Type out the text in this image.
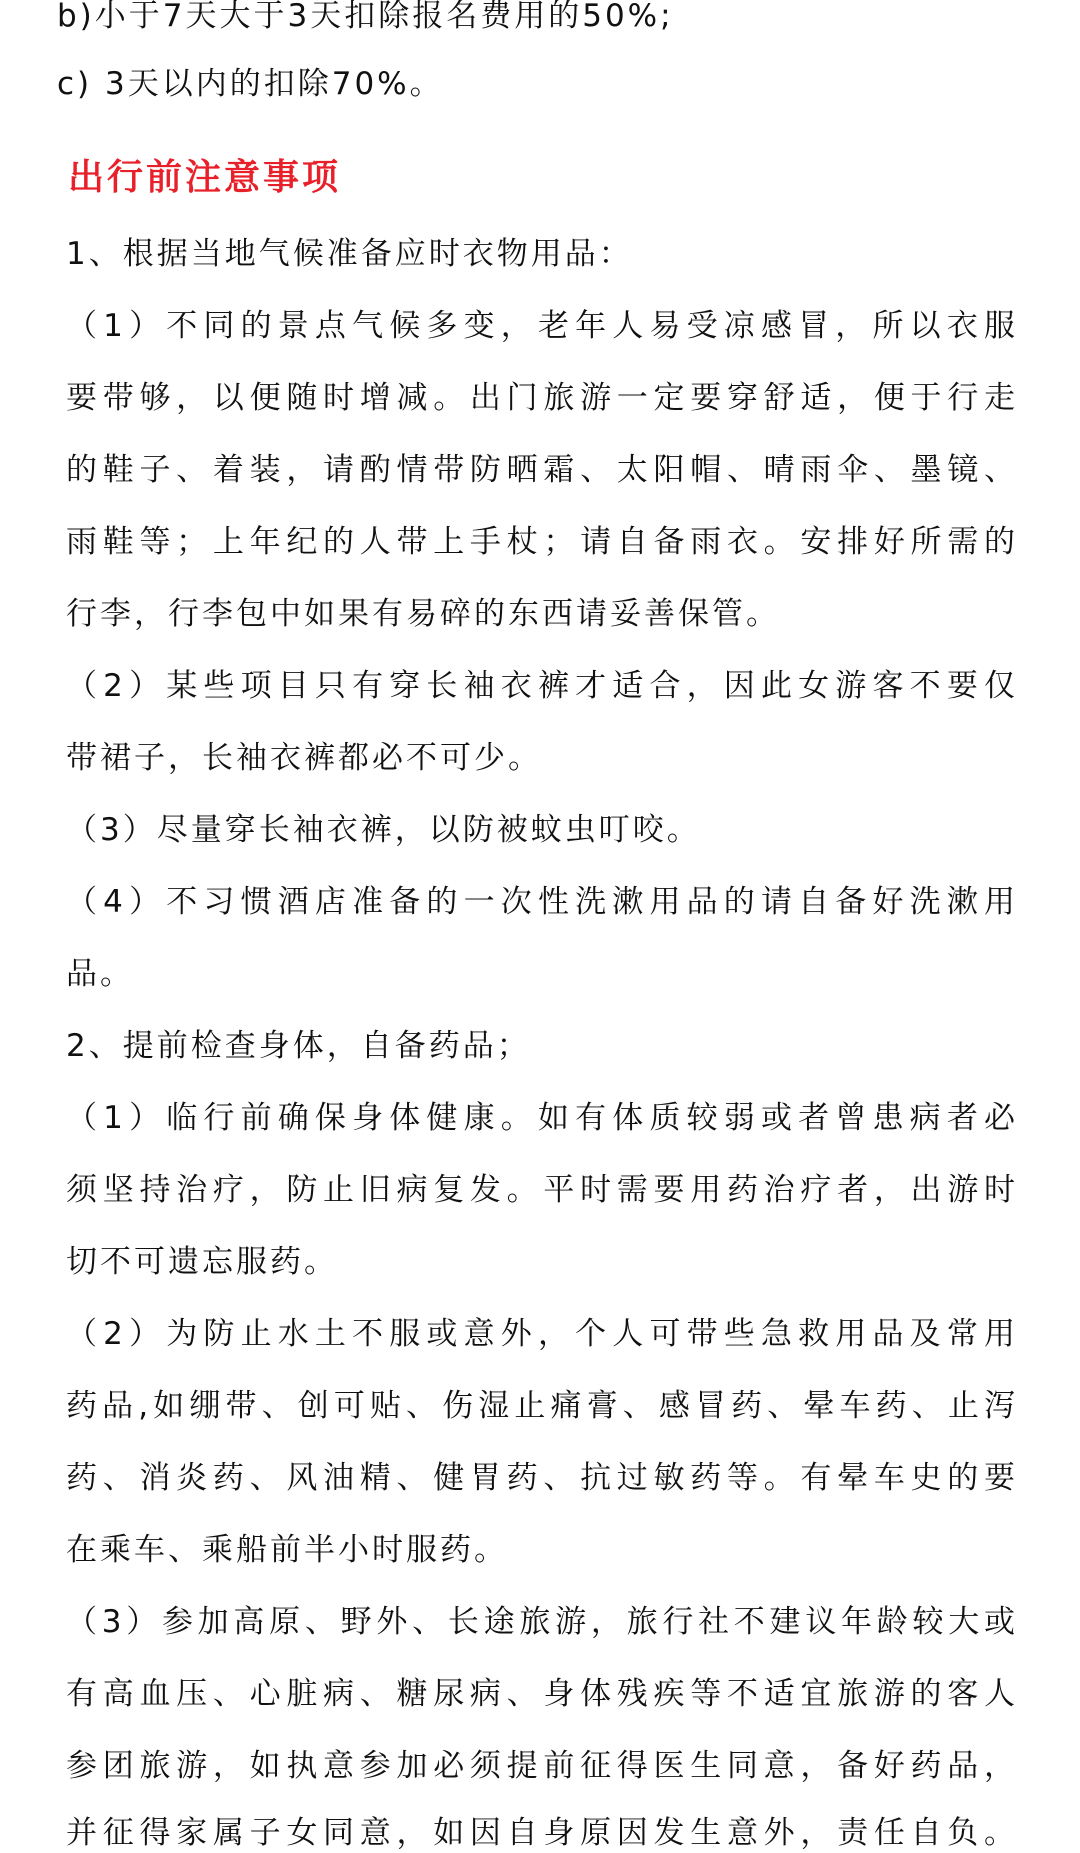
b)小于7天大于3天扣除报名费用的50%;
c) 3天以内的扣除70%。
出行前注意事项
1、根据当地气候准备应时衣物用品：
（1）不同的景点气候多变，老年人易受凉感冒，所以衣服
要带够，以便随时增减。出门旅游一定要穿舒适，便于行走
的鞋子、着装，请酌情带防晒霜、太阳帽、晴雨伞、墨镜、
雨鞋等；上年纪的人带上手杖；请自备雨衣。安排好所需的
行李，行李包中如果有易碎的东西请妥善保管。
（2）某些项目只有穿长袖衣裤才适合，因此女游客不要仅
带裙子，长袖衣裤都必不可少。
（3）尽量穿长袖衣裤，以防被蚊虫叮咬。
（4）不习惯酒店准备的一次性洗漱用品的请自备好洗漱用
品。
2、提前检查身体，自备药品；
（1）临行前确保身体健康。如有体质较弱或者曾患病者必
须坚持治疗，防止旧病复发。平时需要用药治疗者，出游时
切不可遗忘服药。
（2）为防止水土不服或意外，个人可带些急救用品及常用
药品,如绷带、创可贴、伤湿止痛膏、感冒药、晕车药、止泻
药、消炎药、风油精、健胃药、抗过敏药等。有晕车史的要
在乘车、乘船前半小时服药。
（3）参加高原、野外、长途旅游，旅行社不建议年龄较大或
有高血压、心脏病、糖尿病、身体残疾等不适宜旅游的客人
参团旅游，如执意参加必须提前征得医生同意，备好药品，
并征得家属子女同意，如因自身原因发生意外，责任自负。
